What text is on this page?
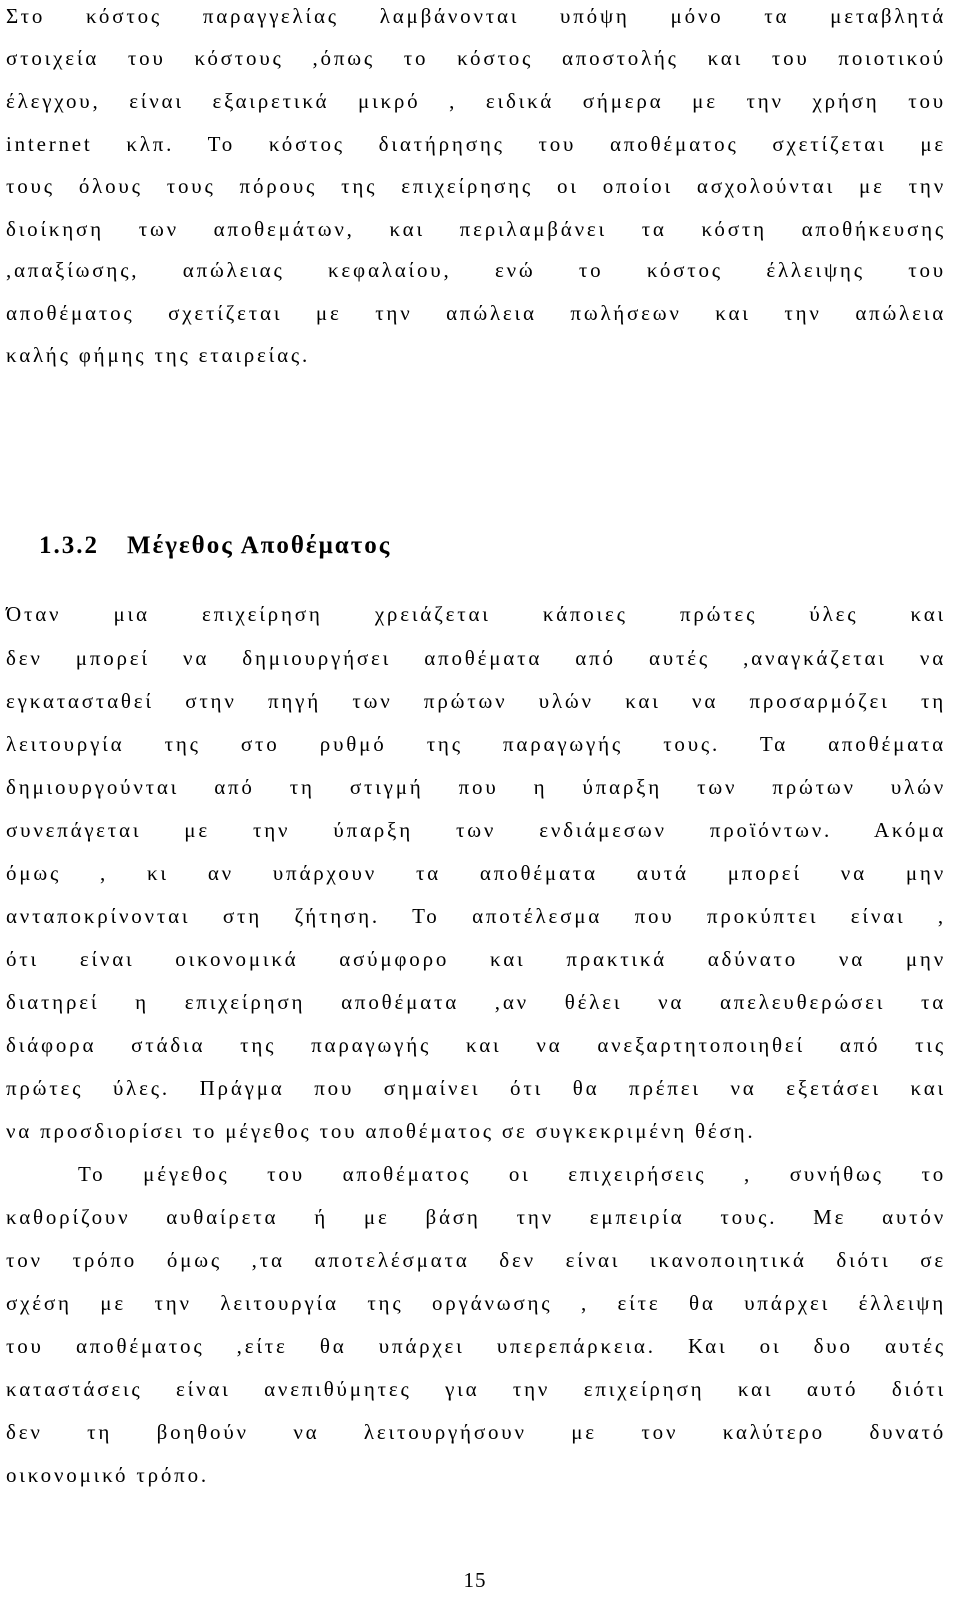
Στο κόστος παραγγελίας λαμβάνονται υπόψη μόνο τα μεταβλητά
στοιχεία του κόστους ,όπως το κόστος αποστολής και του ποιοτικού
έλεγχου, είναι εξαιρετικά μικρό , ειδικά σήμερα με την χρήση του
internet κλπ. Το κόστος διατήρησης του αποθέματος σχετίζεται με
τους όλους τους πόρους της επιχείρησης οι οποίοι ασχολούνται με την
διοίκηση των αποθεμάτων, και περιλαμβάνει τα κόστη αποθήκευσης
,απαξίωσης, απώλειας κεφαλαίου, ενώ το κόστος έλλειψης του
αποθέματος σχετίζεται με την απώλεια πωλήσεων και την απώλεια
καλής φήμης της εταιρείας.

1.3.2 Μέγεθος Αποθέματος

Όταν μια επιχείρηση χρειάζεται κάποιες πρώτες ύλες και
δεν μπορεί να δημιουργήσει αποθέματα από αυτές ,αναγκάζεται να
εγκατασταθεί στην πηγή των πρώτων υλών και να προσαρμόζει τη
λειτουργία της στο ρυθμό της παραγωγής τους. Τα αποθέματα
δημιουργούνται από τη στιγμή που η ύπαρξη των πρώτων υλών
συνεπάγεται με την ύπαρξη των ενδιάμεσων προϊόντων. Ακόμα
όμως , κι αν υπάρχουν τα αποθέματα αυτά μπορεί να μην
ανταποκρίνονται στη ζήτηση. Το αποτέλεσμα που προκύπτει είναι ,
ότι είναι οικονομικά ασύμφορο και πρακτικά αδύνατο να μην
διατηρεί η επιχείρηση αποθέματα ,αν θέλει να απελευθερώσει τα
διάφορα στάδια της παραγωγής και να ανεξαρτητοποιηθεί από τις
πρώτες ύλες. Πράγμα που σημαίνει ότι θα πρέπει να εξετάσει και
να προσδιορίσει το μέγεθος του αποθέματος σε συγκεκριμένη θέση.
Το μέγεθος του αποθέματος οι επιχειρήσεις , συνήθως το
καθορίζουν αυθαίρετα ή με βάση την εμπειρία τους. Με αυτόν
τον τρόπο όμως ,τα αποτελέσματα δεν είναι ικανοποιητικά διότι σε
σχέση με την λειτουργία της οργάνωσης , είτε θα υπάρχει έλλειψη
του αποθέματος ,είτε θα υπάρχει υπερεπάρκεια. Και οι δυο αυτές
καταστάσεις είναι ανεπιθύμητες για την επιχείρηση και αυτό διότι
δεν τη βοηθούν να λειτουργήσουν με τον καλύτερο δυνατό
οικονομικό τρόπο.
15
